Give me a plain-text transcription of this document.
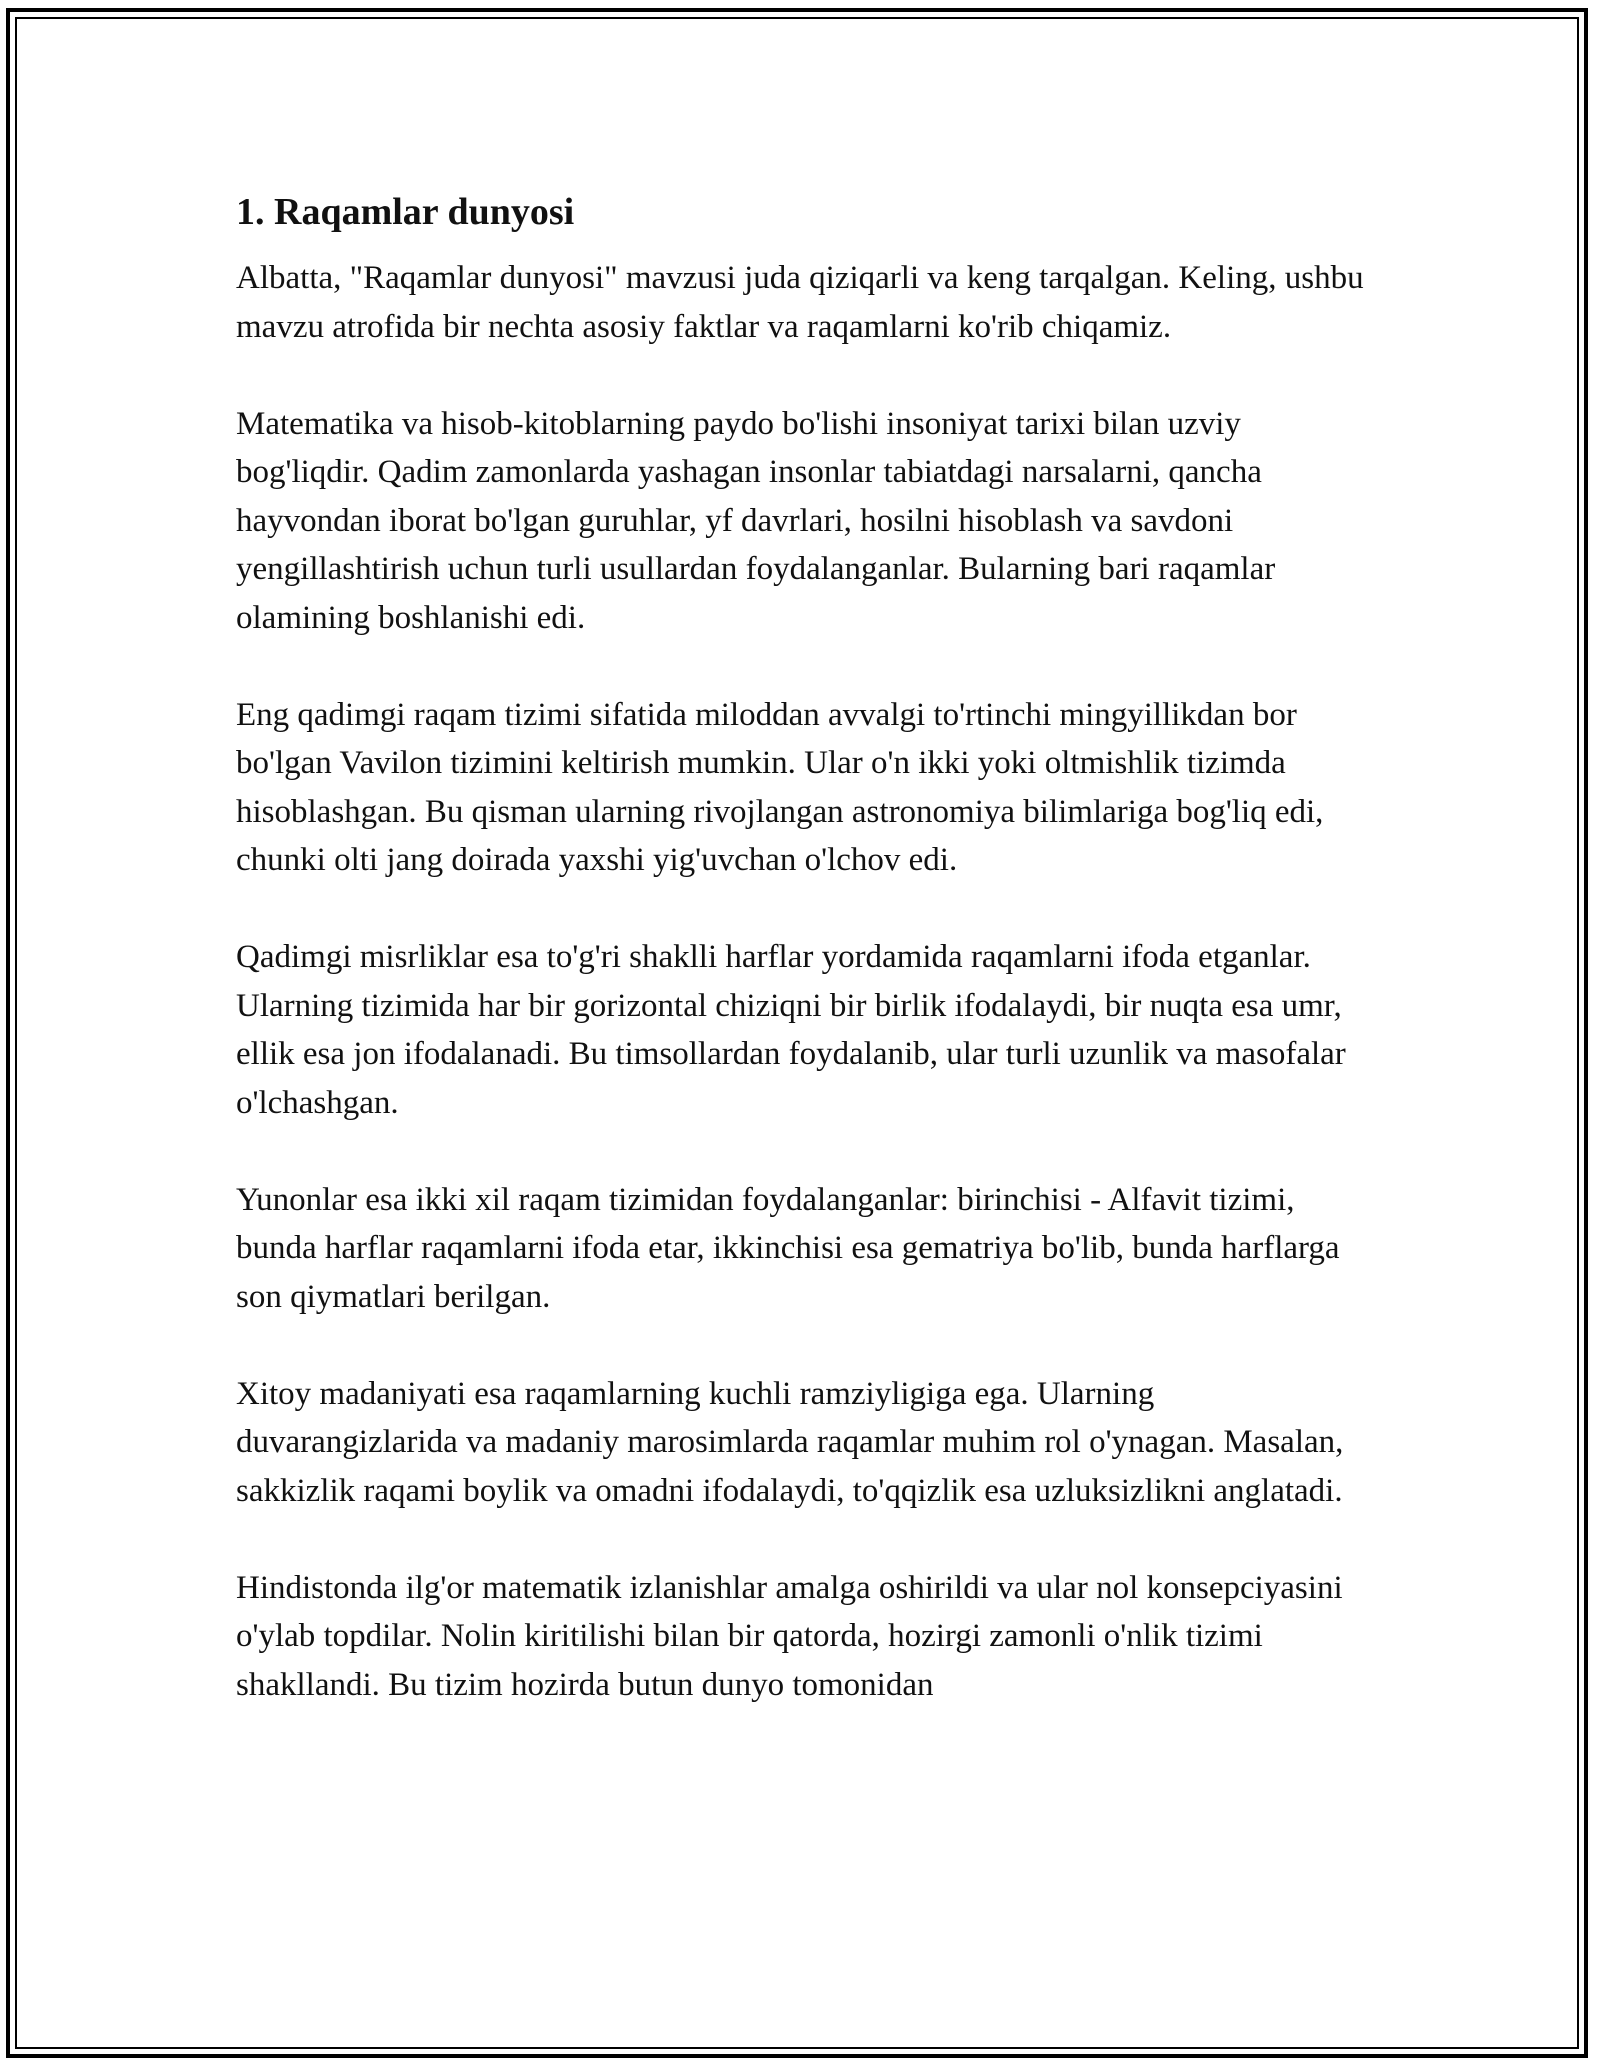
1. Raqamlar dunyosi

Albatta, "Raqamlar dunyosi" mavzusi juda qiziqarli va keng tarqalgan. Keling, ushbu mavzu atrofida bir nechta asosiy faktlar va raqamlarni ko'rib chiqamiz.

Matematika va hisob-kitoblarning paydo bo'lishi insoniyat tarixi bilan uzviy bog'liqdir. Qadim zamonlarda yashagan insonlar tabiatdagi narsalarni, qancha hayvondan iborat bo'lgan guruhlar, yf davrlari, hosilni hisoblash va savdoni yengillashtirish uchun turli usullardan foydalanganlar. Bularning bari raqamlar olamining boshlanishi edi.

Eng qadimgi raqam tizimi sifatida miloddan avvalgi to'rtinchi mingyillikdan bor bo'lgan Vavilon tizimini keltirish mumkin. Ular o'n ikki yoki oltmishlik tizimda hisoblashgan. Bu qisman ularning rivojlangan astronomiya bilimlariga bog'liq edi, chunki olti jang doirada yaxshi yig'uvchan o'lchov edi.

Qadimgi misrliklar esa to'g'ri shaklli harflar yordamida raqamlarni ifoda etganlar. Ularning tizimida har bir gorizontal chiziqni bir birlik ifodalaydi, bir nuqta esa umr, ellik esa jon ifodalanadi. Bu timsollardan foydalanib, ular turli uzunlik va masofalar o'lchashgan.

Yunonlar esa ikki xil raqam tizimidan foydalanganlar: birinchisi - Alfavit tizimi, bunda harflar raqamlarni ifoda etar, ikkinchisi esa gematriya bo'lib, bunda harflarga son qiymatlari berilgan.

Xitoy madaniyati esa raqamlarning kuchli ramziyligiga ega. Ularning duvarangizlarida va madaniy marosimlarda raqamlar muhim rol o'ynagan. Masalan, sakkizlik raqami boylik va omadni ifodalaydi, to'qqizlik esa uzluksizlikni anglatadi.

Hindistonda ilg'or matematik izlanishlar amalga oshirildi va ular nol konsepciyasini o'ylab topdilar. Nolin kiritilishi bilan bir qatorda, hozirgi zamonli o'nlik tizimi shakllandi. Bu tizim hozirda butun dunyo tomonidan
